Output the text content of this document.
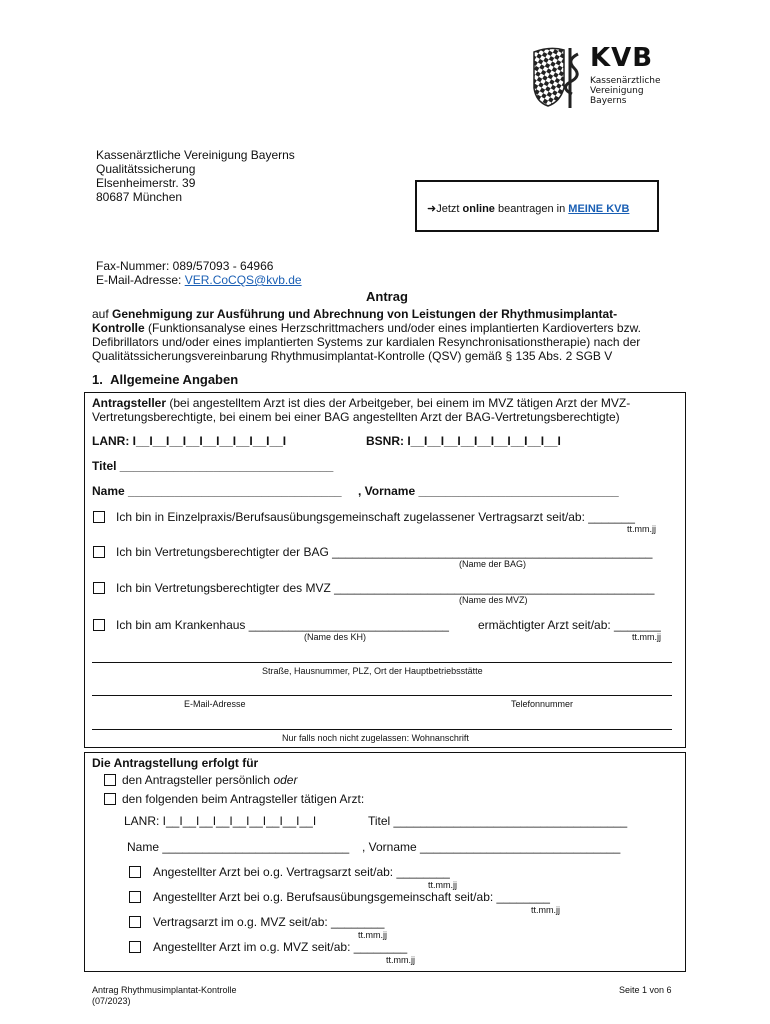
KVB
Kassenärztliche
Vereinigung
Bayerns
Kassenärztliche Vereinigung Bayerns
Qualitätssicherung
Elsenheimerstr. 39
80687 München
➜Jetzt online beantragen in MEINE KVB
Fax-Nummer: 089/57093 - 64966
E-Mail-Adresse: VER.CoCQS@kvb.de
Antrag
auf Genehmigung zur Ausführung und Abrechnung von Leistungen der Rhythmusimplantat-
Kontrolle (Funktionsanalyse eines Herzschrittmachers und/oder eines implantierten Kardioverters bzw.
Defibrillators und/oder eines implantierten Systems zur kardialen Resynchronisationstherapie) nach der
Qualitätssicherungsvereinbarung Rhythmusimplantat-Kontrolle (QSV) gemäß § 135 Abs. 2 SGB V
1. Allgemeine Angaben
Antragsteller (bei angestelltem Arzt ist dies der Arbeitgeber, bei einem im MVZ tätigen Arzt der MVZ-
Vertretungsberechtigte, bei einem bei einer BAG angestellten Arzt der BAG-Vertretungsberechtigte)
LANR: I__I__I__I__I__I__I__I__I__I	BSNR: I__I__I__I__I__I__I__I__I__I
Titel ________________________________
Name ________________________________ , Vorname ______________________________
Ich bin in Einzelpraxis/Berufsausübungsgemeinschaft zugelassener Vertragsarzt seit/ab: _______
tt.mm.jj
Ich bin Vertretungsberechtigter der BAG ________________________________________________
(Name der BAG)
Ich bin Vertretungsberechtigter des MVZ ________________________________________________
(Name des MVZ)
Ich bin am Krankenhaus ______________________________ ermächtigter Arzt seit/ab: _______
(Name des KH)	tt.mm.jj
Straße, Hausnummer, PLZ, Ort der Hauptbetriebsstätte
E-Mail-Adresse	Telefonnummer
Nur falls noch nicht zugelassen: Wohnanschrift
Die Antragstellung erfolgt für
den Antragsteller persönlich oder
den folgenden beim Antragsteller tätigen Arzt:
LANR: I__I__I__I__I__I__I__I__I__I	Titel ___________________________________
Name ____________________________ , Vorname ______________________________
Angestellter Arzt bei o.g. Vertragsarzt seit/ab: ________
tt.mm.jj
Angestellter Arzt bei o.g. Berufsausübungsgemeinschaft seit/ab: ________
tt.mm.jj
Vertragsarzt im o.g. MVZ seit/ab: ________
tt.mm.jj
Angestellter Arzt im o.g. MVZ seit/ab: ________
tt.mm.jj
Antrag Rhythmusimplantat-Kontrolle
(07/2023)
Seite 1 von 6
